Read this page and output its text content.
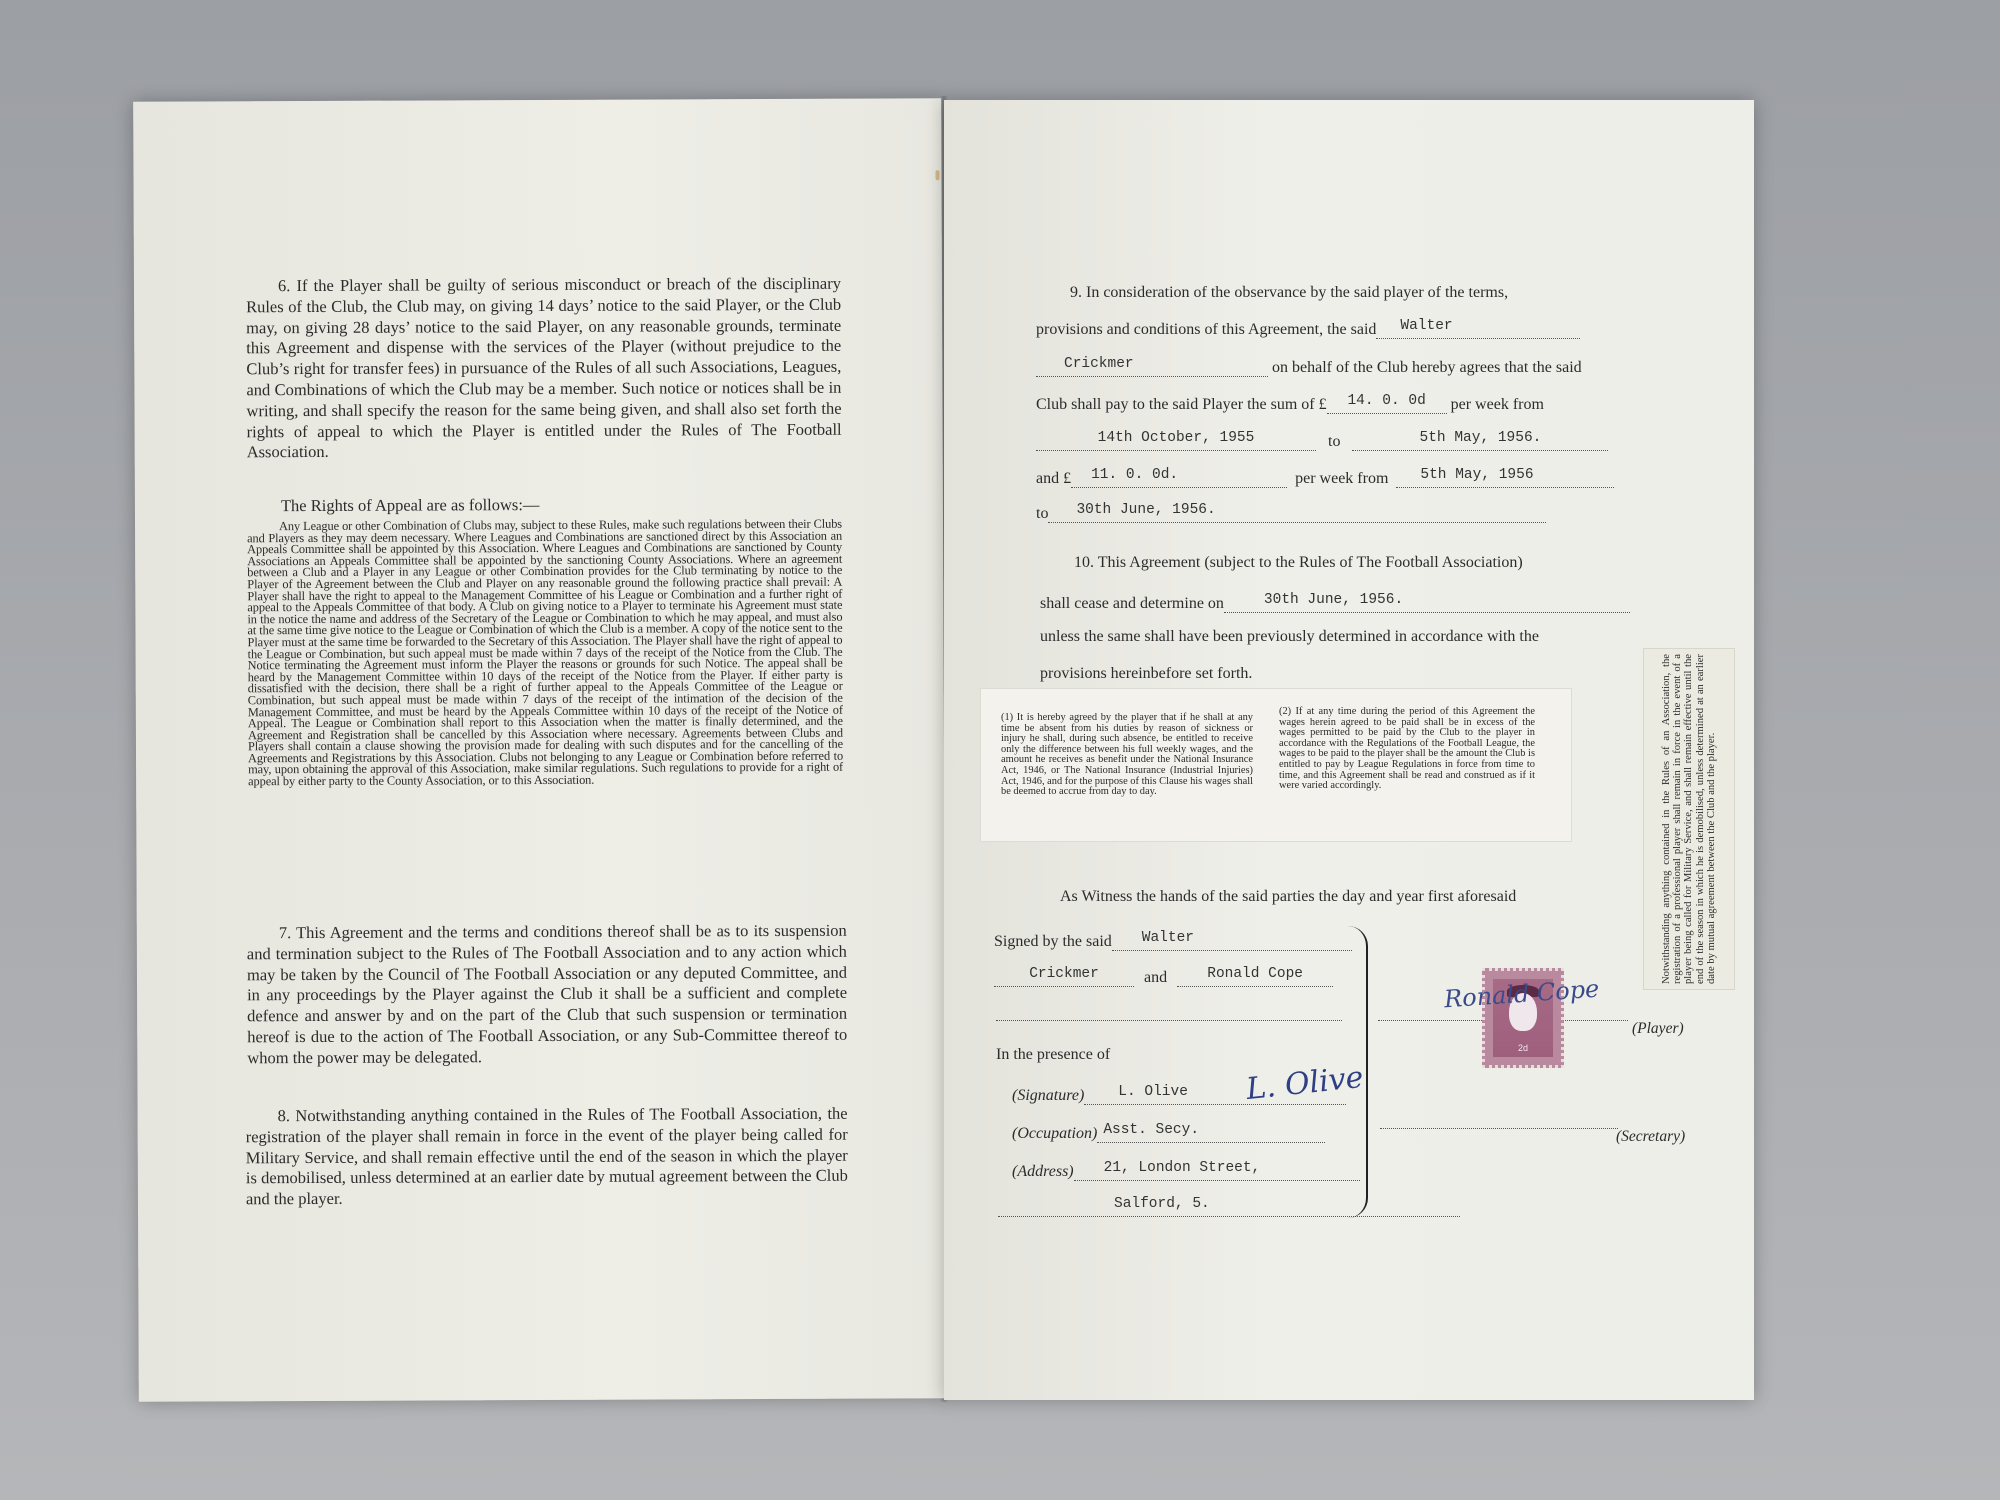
6. If the Player shall be guilty of serious misconduct or breach of the disciplinary Rules of the Club, the Club may, on giving 14 days’ notice to the said Player, or the Club may, on giving 28 days’ notice to the said Player, on any reasonable grounds, terminate this Agreement and dispense with the services of the Player (without prejudice to the Club’s right for transfer fees) in pursuance of the Rules of all such Associations, Leagues, and Combinations of which the Club may be a member. Such notice or notices shall be in writing, and shall specify the reason for the same being given, and shall also set forth the rights of appeal to which the Player is entitled under the Rules of The Football Association.

The Rights of Appeal are as follows:—

Any League or other Combination of Clubs may, subject to these Rules, make such regulations between their Clubs and Players as they may deem necessary. Where Leagues and Combinations are sanctioned direct by this Association an Appeals Committee shall be appointed by this Association. Where Leagues and Combinations are sanctioned by County Associations an Appeals Committee shall be appointed by the sanctioning County Associations. Where an agreement between a Club and a Player in any League or other Combination provides for the Club terminating by notice to the Player of the Agreement between the Club and Player on any reasonable ground the following practice shall prevail: A Player shall have the right to appeal to the Management Committee of his League or Combination and a further right of appeal to the Appeals Committee of that body. A Club on giving notice to a Player to terminate his Agreement must state in the notice the name and address of the Secretary of the League or Combination to which he may appeal, and must also at the same time give notice to the League or Combination of which the Club is a member. A copy of the notice sent to the Player must at the same time be forwarded to the Secretary of this Association. The Player shall have the right of appeal to the League or Combination, but such appeal must be made within 7 days of the receipt of the Notice from the Club. The Notice terminating the Agreement must inform the Player the reasons or grounds for such Notice. The appeal shall be heard by the Management Committee within 10 days of the receipt of the Notice from the Player. If either party is dissatisfied with the decision, there shall be a right of further appeal to the Appeals Committee of the League or Combination, but such appeal must be made within 7 days of the receipt of the intimation of the decision of the Management Committee, and must be heard by the Appeals Committee within 10 days of the receipt of the Notice of Appeal. The League or Combination shall report to this Association when the matter is finally determined, and the Agreement and Registration shall be cancelled by this Association where necessary. Agreements between Clubs and Players shall contain a clause showing the provision made for dealing with such disputes and for the cancelling of the Agreements and Registrations by this Association. Clubs not belonging to any League or Combination before referred to may, upon obtaining the approval of this Association, make similar regulations. Such regulations to provide for a right of appeal by either party to the County Association, or to this Association.

7. This Agreement and the terms and conditions thereof shall be as to its suspension and termination subject to the Rules of The Football Association and to any action which may be taken by the Council of The Football Association or any deputed Committee, and in any proceedings by the Player against the Club it shall be a sufficient and complete defence and answer by and on the part of the Club that such suspension or termination hereof is due to the action of The Football Association, or any Sub-Committee thereof to whom the power may be delegated.

8. Notwithstanding anything contained in the Rules of The Football Association, the registration of the player shall remain in force in the event of the player being called for Military Service, and shall remain effective until the end of the season in which the player is demobilised, unless determined at an earlier date by mutual agreement between the Club and the player.

9. In consideration of the observance by the said player of the terms,
provisions and conditions of this Agreement, the said Walter
Crickmer	on behalf of the Club hereby agrees that the said
Club shall pay to the said Player the sum of £ 14. 0. 0d per week from
14th October, 1955	to	5th May, 1956.
and £ 11. 0. 0d.	per week from 5th May, 1956
to 30th June, 1956.
10. This Agreement (subject to the Rules of The Football Association)
shall cease and determine on	30th June, 1956.
unless the same shall have been previously determined in accordance with the
provisions hereinbefore set forth.
(1) It is hereby agreed by the player that if he shall at any time be absent from his duties by reason of sickness or injury he shall, during such absence, be entitled to receive only the difference between his full weekly wages, and the amount he receives as benefit under the National Insurance Act, 1946, or The National Insurance (Industrial Injuries) Act, 1946, and for the purpose of this Clause his wages shall be deemed to accrue from day to day.
(2) If at any time during the period of this Agreement the wages herein agreed to be paid shall be in excess of the wages permitted to be paid by the Club to the player in accordance with the Regulations of the Football League, the wages to be paid to the player shall be the amount the Club is entitled to pay by League Regulations in force from time to time, and this Agreement shall be read and construed as if it were varied accordingly.	Notwithstanding anything contained in the Rules of an Association, the registration of a professional player shall remain in force in the event of a player being called for Military Service, and shall remain effective until the end of the season in which he is demobilised, unless determined at an earlier date by mutual agreement between the Club and the player.
As Witness the hands of the said parties the day and year first aforesaid
Signed by the said Walter
Crickmer	and	Ronald Cope
In the presence of
(Signature) L. Olive	L. Olive
(Occupation) Asst. Secy.
(Address) 21, London Street,
Salford, 5.
2d
Ronald Cope
(Player)
(Secretary)
